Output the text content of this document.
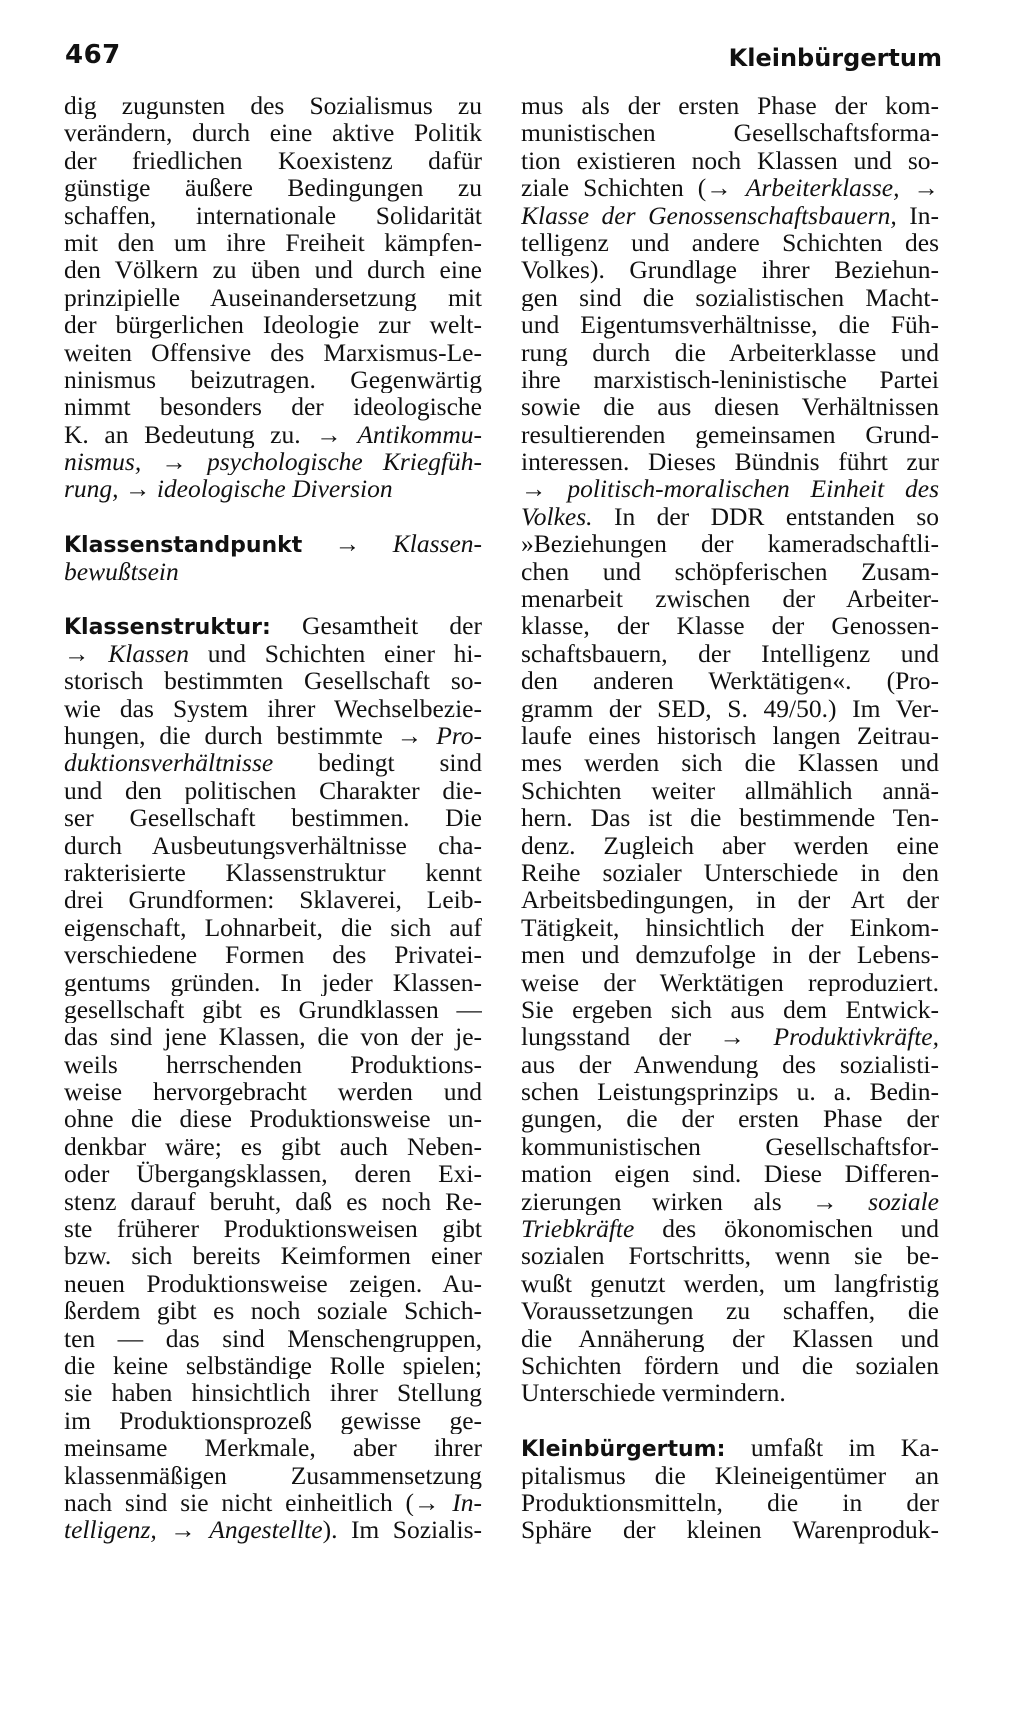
467	Kleinbürgertum
dig zugunsten des Sozialismus zu
verändern, durch eine aktive Politik
der friedlichen Koexistenz dafür
günstige äußere Bedingungen zu
schaffen, internationale Solidarität
mit den um ihre Freiheit kämpfen-
den Völkern zu üben und durch eine
prinzipielle Auseinandersetzung mit
der bürgerlichen Ideologie zur welt-
weiten Offensive des Marxismus-Le-
ninismus beizutragen. Gegenwärtig
nimmt besonders der ideologische
K. an Bedeutung zu. → Antikommu-
nismus, → psychologische Kriegfüh-
rung, → ideologische Diversion
Klassenstandpunkt → Klassen-
bewußtsein
Klassenstruktur: Gesamtheit der
→ Klassen und Schichten einer hi-
storisch bestimmten Gesellschaft so-
wie das System ihrer Wechselbezie-
hungen, die durch bestimmte → Pro-
duktionsverhältnisse bedingt sind
und den politischen Charakter die-
ser Gesellschaft bestimmen. Die
durch Ausbeutungsverhältnisse cha-
rakterisierte Klassenstruktur kennt
drei Grundformen: Sklaverei, Leib-
eigenschaft, Lohnarbeit, die sich auf
verschiedene Formen des Privatei-
gentums gründen. In jeder Klassen-
gesellschaft gibt es Grundklassen —
das sind jene Klassen, die von der je-
weils herrschenden Produktions-
weise hervorgebracht werden und
ohne die diese Produktionsweise un-
denkbar wäre; es gibt auch Neben-
oder Übergangsklassen, deren Exi-
stenz darauf beruht, daß es noch Re-
ste früherer Produktionsweisen gibt
bzw. sich bereits Keimformen einer
neuen Produktionsweise zeigen. Au-
ßerdem gibt es noch soziale Schich-
ten — das sind Menschengruppen,
die keine selbständige Rolle spielen;
sie haben hinsichtlich ihrer Stellung
im Produktionsprozeß gewisse ge-
meinsame Merkmale, aber ihrer
klassenmäßigen Zusammensetzung
nach sind sie nicht einheitlich (→ In-
telligenz, → Angestellte). Im Sozialis-
mus als der ersten Phase der kom-
munistischen Gesellschaftsforma-
tion existieren noch Klassen und so-
ziale Schichten (→ Arbeiterklasse, →
Klasse der Genossenschaftsbauern, In-
telligenz und andere Schichten des
Volkes). Grundlage ihrer Beziehun-
gen sind die sozialistischen Macht-
und Eigentumsverhältnisse, die Füh-
rung durch die Arbeiterklasse und
ihre marxistisch-leninistische Partei
sowie die aus diesen Verhältnissen
resultierenden gemeinsamen Grund-
interessen. Dieses Bündnis führt zur
→ politisch-moralischen Einheit des
Volkes. In der DDR entstanden so
»Beziehungen der kameradschaftli-
chen und schöpferischen Zusam-
menarbeit zwischen der Arbeiter-
klasse, der Klasse der Genossen-
schaftsbauern, der Intelligenz und
den anderen Werktätigen«. (Pro-
gramm der SED, S. 49/50.) Im Ver-
laufe eines historisch langen Zeitrau-
mes werden sich die Klassen und
Schichten weiter allmählich annä-
hern. Das ist die bestimmende Ten-
denz. Zugleich aber werden eine
Reihe sozialer Unterschiede in den
Arbeitsbedingungen, in der Art der
Tätigkeit, hinsichtlich der Einkom-
men und demzufolge in der Lebens-
weise der Werktätigen reproduziert.
Sie ergeben sich aus dem Entwick-
lungsstand der → Produktivkräfte,
aus der Anwendung des sozialisti-
schen Leistungsprinzips u. a. Bedin-
gungen, die der ersten Phase der
kommunistischen Gesellschaftsfor-
mation eigen sind. Diese Differen-
zierungen wirken als → soziale
Triebkräfte des ökonomischen und
sozialen Fortschritts, wenn sie be-
wußt genutzt werden, um langfristig
Voraussetzungen zu schaffen, die
die Annäherung der Klassen und
Schichten fördern und die sozialen
Unterschiede vermindern.
Kleinbürgertum: umfaßt im Ka-
pitalismus die Kleineigentümer an
Produktionsmitteln, die in der
Sphäre der kleinen Warenproduk-
